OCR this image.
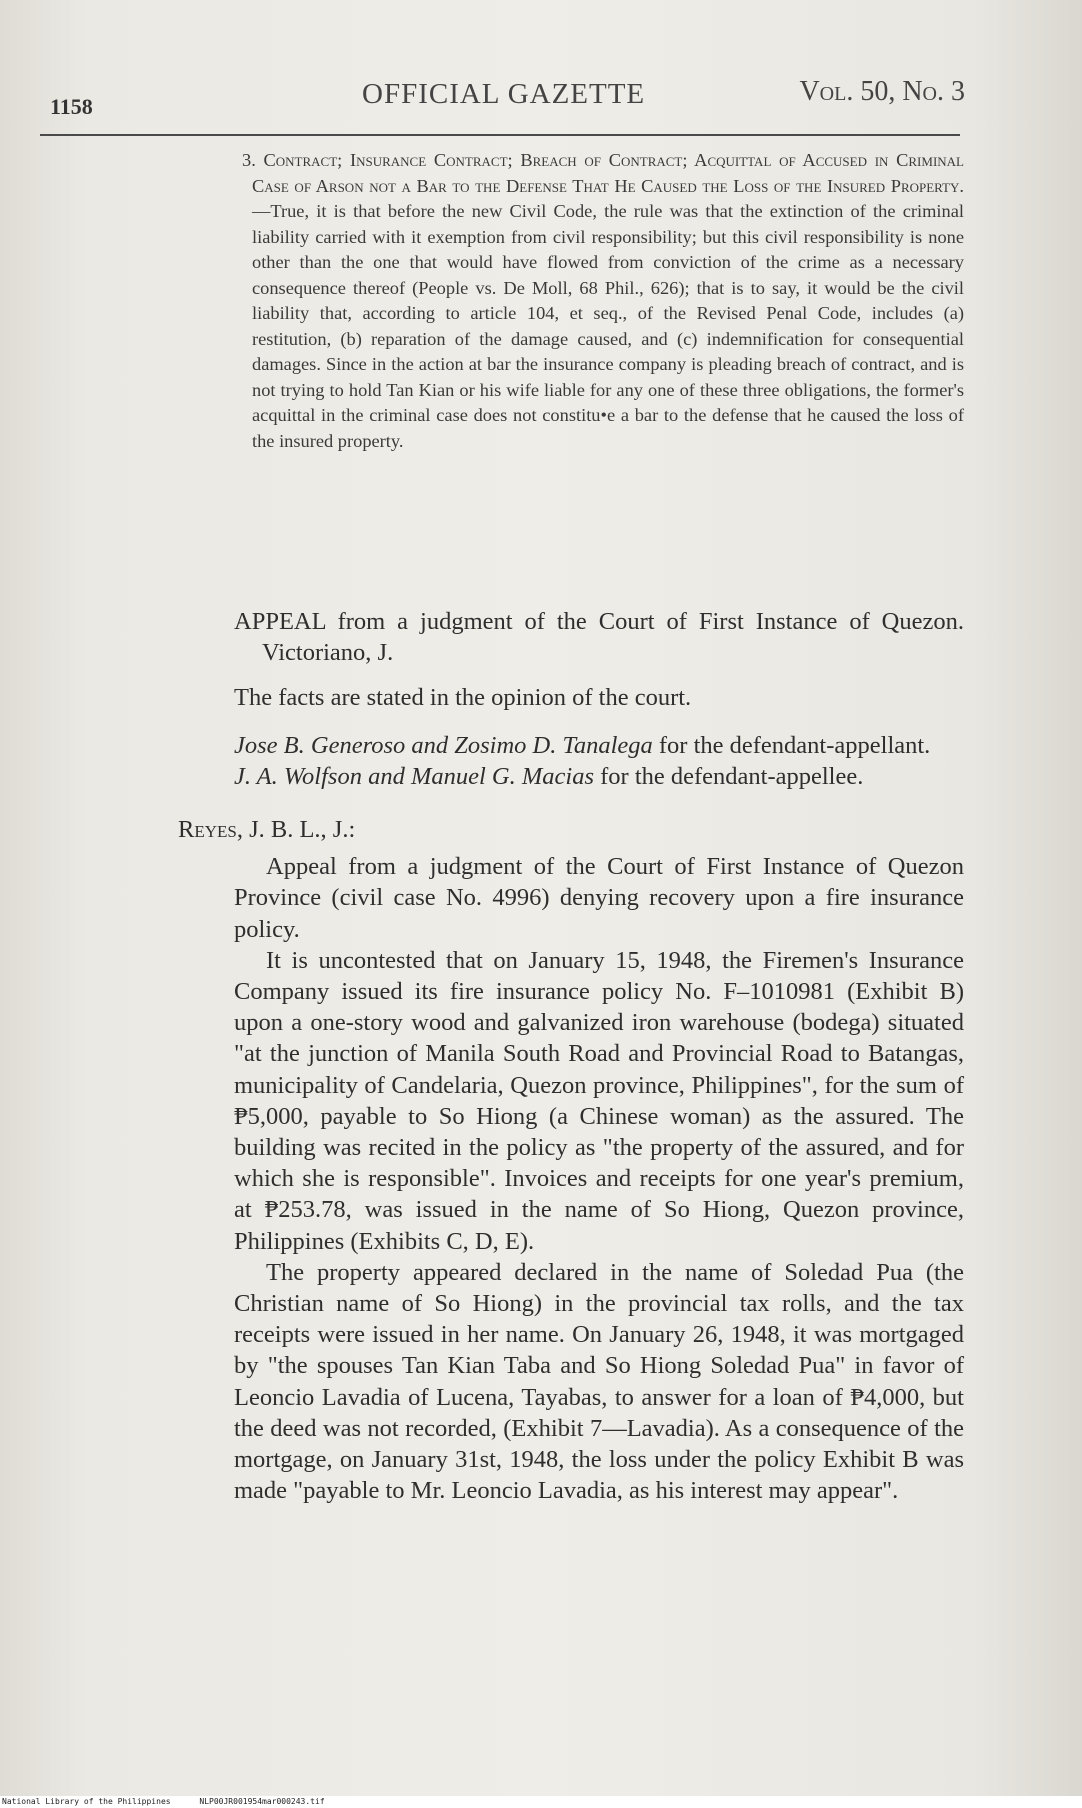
1158	OFFICIAL GAZETTE	Vol. 50, No. 3
3. Contract; Insurance Contract; Breach of Contract; Acquittal of Accused in Criminal Case of Arson not a Bar to the Defense That He Caused the Loss of the Insured Property.—True, it is that before the new Civil Code, the rule was that the extinction of the criminal liability carried with it exemption from civil responsibility; but this civil responsibility is none other than the one that would have flowed from conviction of the crime as a necessary consequence thereof (People vs. De Moll, 68 Phil., 626); that is to say, it would be the civil liability that, according to article 104, et seq., of the Revised Penal Code, includes (a) restitution, (b) reparation of the damage caused, and (c) indemnification for consequential damages. Since in the action at bar the insurance company is pleading breach of contract, and is not trying to hold Tan Kian or his wife liable for any one of these three obligations, the former's acquittal in the criminal case does not constitu•e a bar to the defense that he caused the loss of the insured property.

APPEAL from a judgment of the Court of First Instance of Quezon. Victoriano, J.

The facts are stated in the opinion of the court.

Jose B. Generoso and Zosimo D. Tanalega for the defendant-appellant.

J. A. Wolfson and Manuel G. Macias for the defendant-appellee.

Reyes, J. B. L., J.:

Appeal from a judgment of the Court of First Instance of Quezon Province (civil case No. 4996) denying recovery upon a fire insurance policy.

It is uncontested that on January 15, 1948, the Firemen's Insurance Company issued its fire insurance policy No. F–1010981 (Exhibit B) upon a one-story wood and galvanized iron warehouse (bodega) situated "at the junction of Manila South Road and Provincial Road to Batangas, municipality of Candelaria, Quezon province, Philippines", for the sum of ₱5,000, payable to So Hiong (a Chinese woman) as the assured. The building was recited in the policy as "the property of the assured, and for which she is responsible". Invoices and receipts for one year's premium, at ₱253.78, was issued in the name of So Hiong, Quezon province, Philippines (Exhibits C, D, E).

The property appeared declared in the name of Soledad Pua (the Christian name of So Hiong) in the provincial tax rolls, and the tax receipts were issued in her name. On January 26, 1948, it was mortgaged by "the spouses Tan Kian Taba and So Hiong Soledad Pua" in favor of Leoncio Lavadia of Lucena, Tayabas, to answer for a loan of ₱4,000, but the deed was not recorded, (Exhibit 7—Lavadia). As a consequence of the mortgage, on January 31st, 1948, the loss under the policy Exhibit B was made "payable to Mr. Leoncio Lavadia, as his interest may appear".

National Library of the Philippines	NLP00JR001954mar000243.tif
